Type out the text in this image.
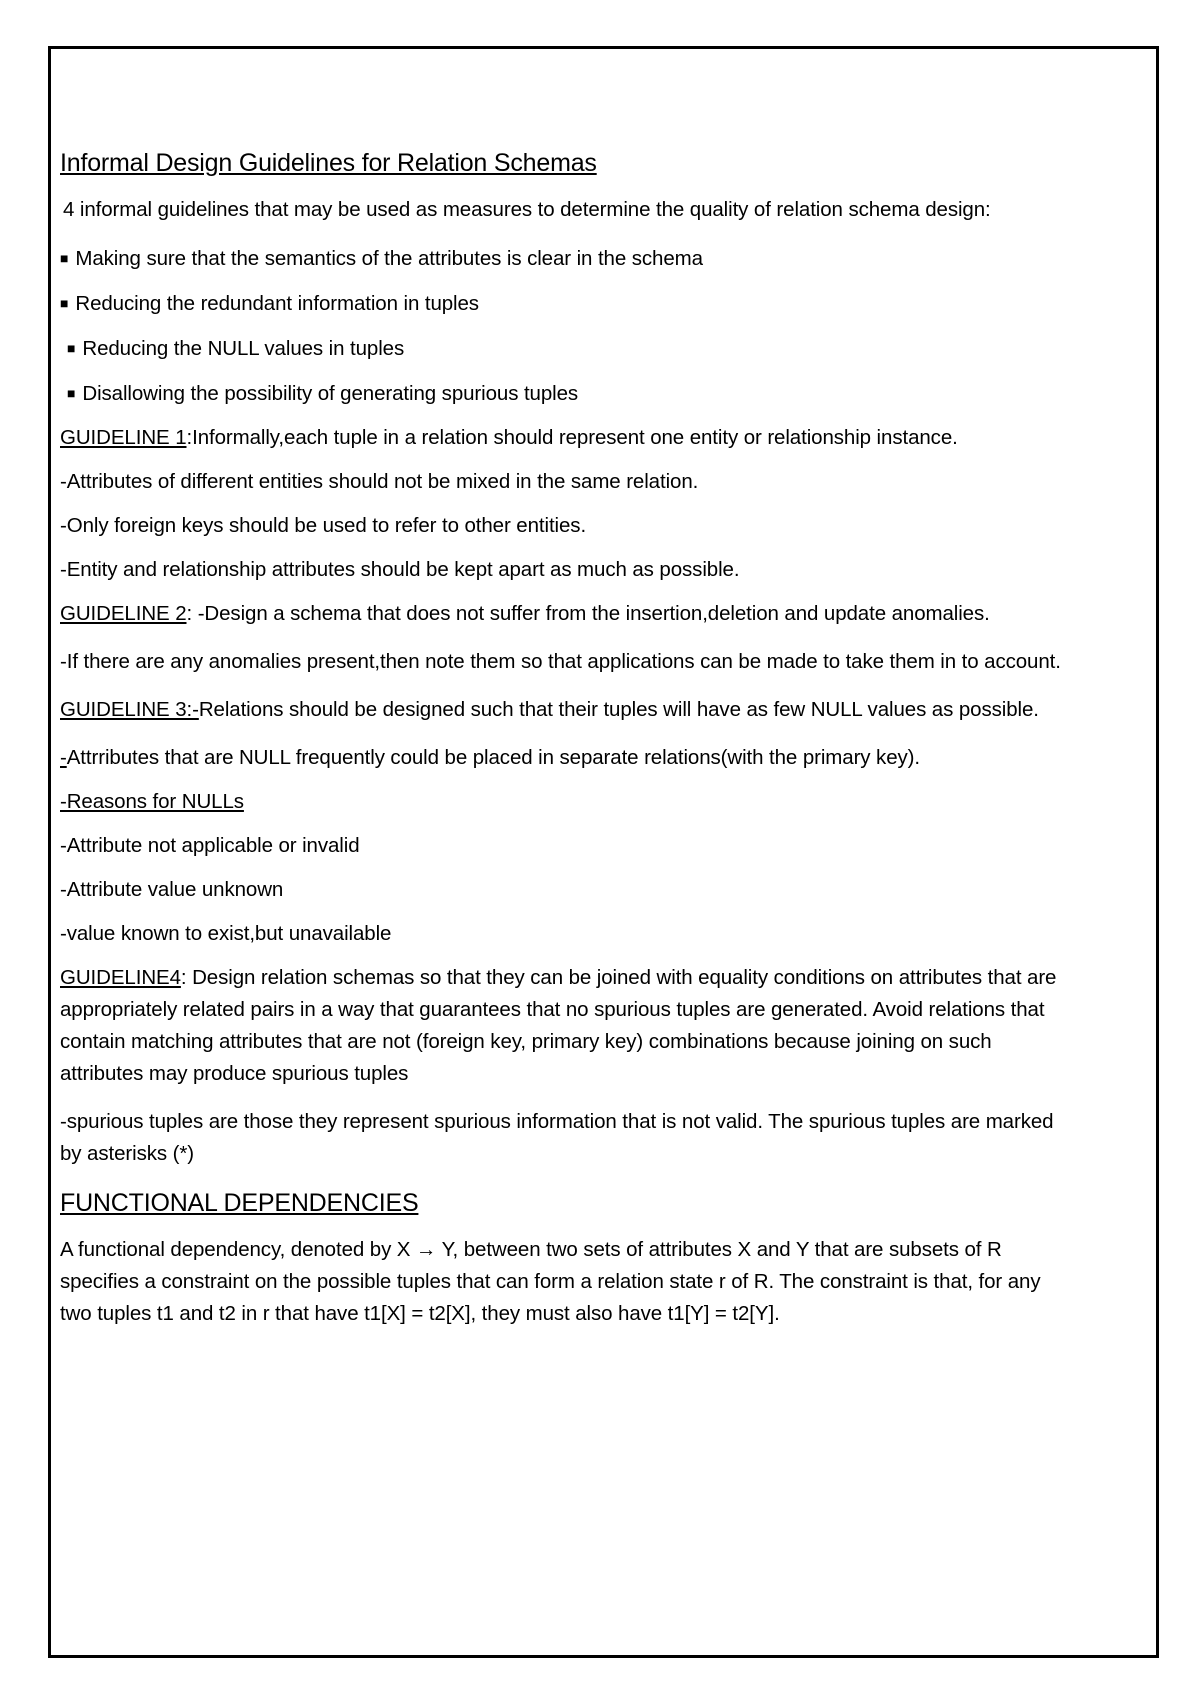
Informal Design Guidelines for Relation Schemas
4 informal guidelines that may be used as measures to determine the quality of relation schema design:
■ Making sure that the semantics of the attributes is clear in the schema
■ Reducing the redundant information in tuples
■ Reducing the NULL values in tuples
■ Disallowing the possibility of generating spurious tuples
GUIDELINE 1:Informally,each tuple in a relation should represent one entity or relationship instance.
-Attributes of different entities should not be mixed in the same relation.
-Only foreign keys should be used to refer to other entities.
-Entity and relationship attributes should be kept apart as much as possible.
GUIDELINE 2: -Design a schema that does not suffer from the insertion,deletion and update anomalies.
-If there are any anomalies present,then note them so that applications can be made to take them in to account.
GUIDELINE 3:-Relations should be designed such that their tuples will have as few NULL values as possible.
-Attrributes that are NULL frequently could be placed in separate relations(with the primary key).
-Reasons for NULLs
-Attribute not applicable or invalid
-Attribute value unknown
-value known to exist,but unavailable
GUIDELINE4: Design relation schemas so that they can be joined with equality conditions on attributes that are appropriately related pairs in a way that guarantees that no spurious tuples are generated. Avoid relations that contain matching attributes that are not (foreign key, primary key) combinations because joining on such attributes may produce spurious tuples
-spurious tuples are those they represent spurious information that is not valid. The spurious tuples are marked by asterisks (*)
FUNCTIONAL DEPENDENCIES
A functional dependency, denoted by X → Y, between two sets of attributes X and Y that are subsets of R specifies a constraint on the possible tuples that can form a relation state r of R. The constraint is that, for any two tuples t1 and t2 in r that have t1[X] = t2[X], they must also have t1[Y] = t2[Y].
